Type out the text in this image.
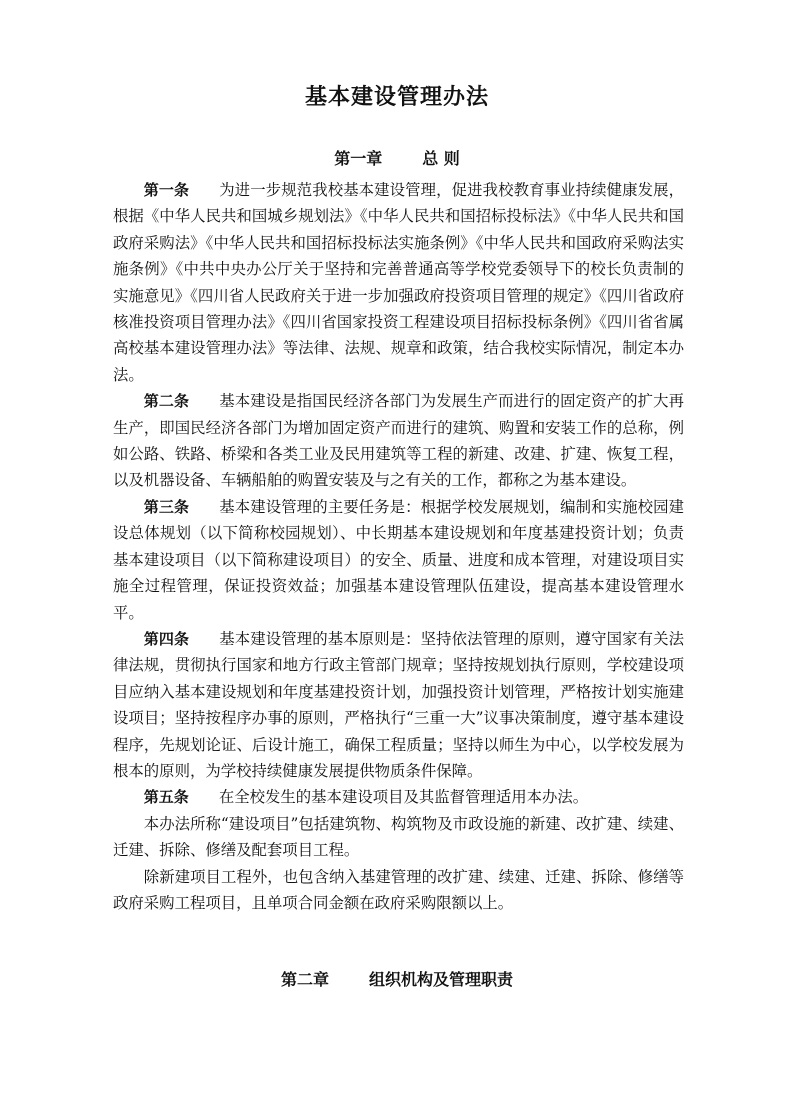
基本建设管理办法
第一章	总 则

第一条 为进一步规范我校基本建设管理，促进我校教育事业持续健康发展，根据《中华人民共和国城乡规划法》《中华人民共和国招标投标法》《中华人民共和国政府采购法》《中华人民共和国招标投标法实施条例》《中华人民共和国政府采购法实施条例》《中共中央办公厅关于坚持和完善普通高等学校党委领导下的校长负责制的实施意见》《四川省人民政府关于进一步加强政府投资项目管理的规定》《四川省政府核准投资项目管理办法》《四川省国家投资工程建设项目招标投标条例》《四川省省属高校基本建设管理办法》等法律、法规、规章和政策，结合我校实际情况，制定本办法。

第二条 基本建设是指国民经济各部门为发展生产而进行的固定资产的扩大再生产，即国民经济各部门为增加固定资产而进行的建筑、购置和安装工作的总称，例如公路、铁路、桥梁和各类工业及民用建筑等工程的新建、改建、扩建、恢复工程，以及机器设备、车辆船舶的购置安装及与之有关的工作，都称之为基本建设。

第三条 基本建设管理的主要任务是：根据学校发展规划，编制和实施校园建设总体规划（以下简称校园规划）、中长期基本建设规划和年度基建投资计划；负责基本建设项目（以下简称建设项目）的安全、质量、进度和成本管理，对建设项目实施全过程管理，保证投资效益；加强基本建设管理队伍建设，提高基本建设管理水平。

第四条 基本建设管理的基本原则是：坚持依法管理的原则，遵守国家有关法律法规，贯彻执行国家和地方行政主管部门规章；坚持按规划执行原则，学校建设项目应纳入基本建设规划和年度基建投资计划，加强投资计划管理，严格按计划实施建设项目；坚持按程序办事的原则，严格执行“三重一大”议事决策制度，遵守基本建设程序，先规划论证、后设计施工，确保工程质量；坚持以师生为中心，以学校发展为根本的原则，为学校持续健康发展提供物质条件保障。

第五条 在全校发生的基本建设项目及其监督管理适用本办法。

本办法所称“建设项目”包括建筑物、构筑物及市政设施的新建、改扩建、续建、迁建、拆除、修缮及配套项目工程。

除新建项目工程外，也包含纳入基建管理的改扩建、续建、迁建、拆除、修缮等政府采购工程项目，且单项合同金额在政府采购限额以上。

第二章	组织机构及管理职责
